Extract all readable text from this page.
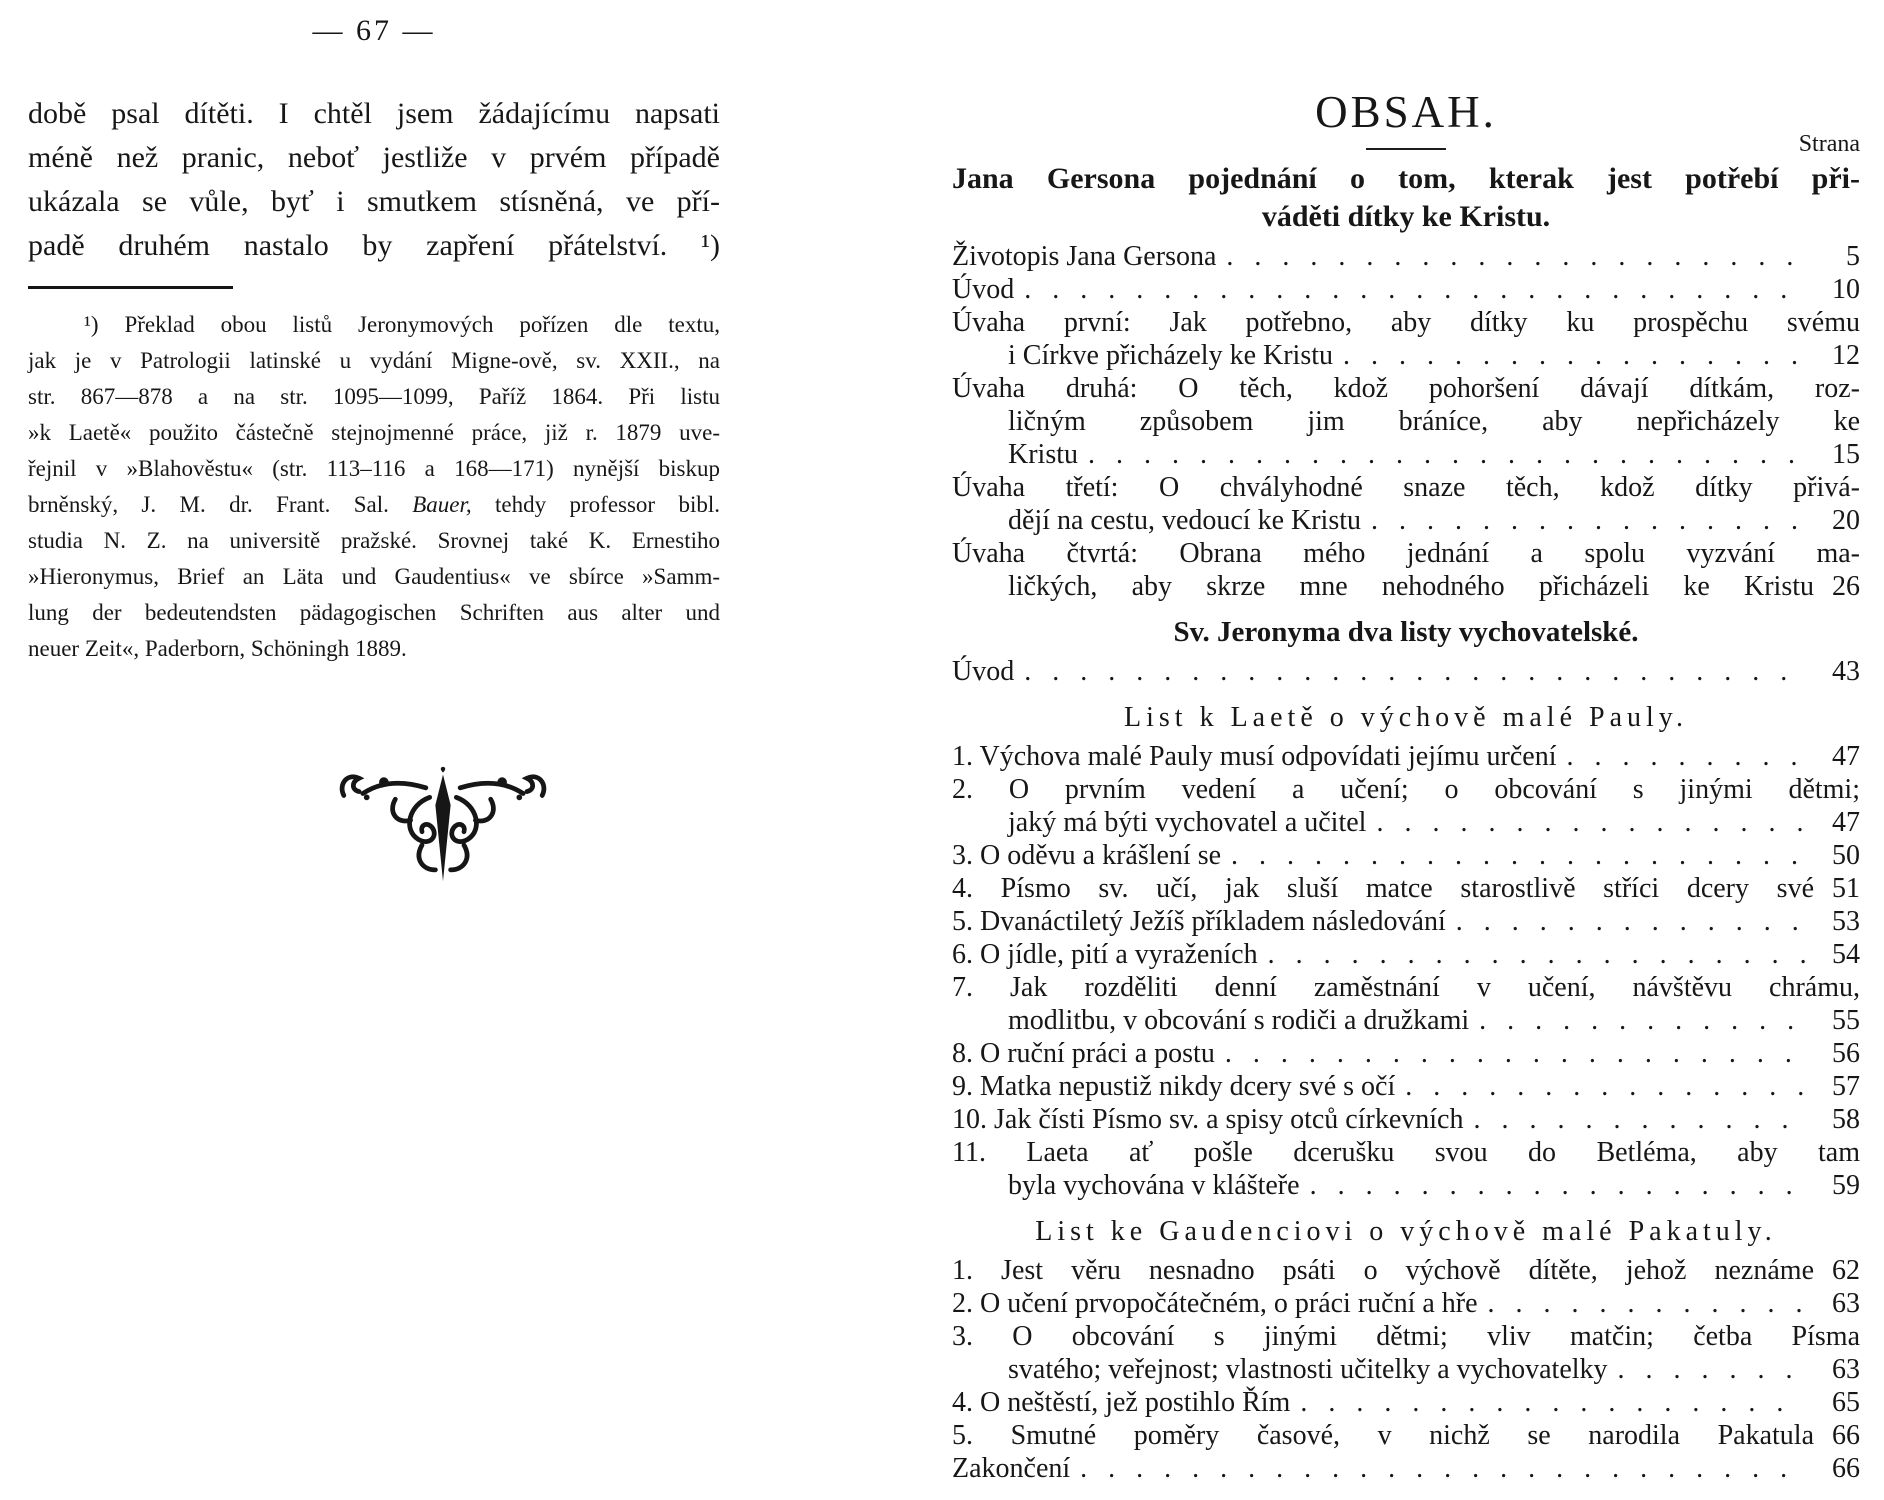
— 67 —
době psal dítěti. I chtěl jsem žádajícímu napsati
méně než pranic, neboť jestliže v prvém případě
ukázala se vůle, byť i smutkem stísněná, ve pří-
padě druhém nastalo by zapření přátelství. ¹)
¹) Překlad obou listů Jeronymových pořízen dle textu,
jak je v Patrologii latinské u vydání Migne-ově, sv. XXII., na
str. 867—878 a na str. 1095—1099, Paříž 1864. Při listu
»k Laetě« použito částečně stejnojmenné práce, již r. 1879 uve-
řejnil v »Blahověstu« (str. 113–116 a 168—171) nynější biskup
brněnský, J. M. dr. Frant. Sal. Bauer, tehdy professor bibl.
studia N. Z. na universitě pražské. Srovnej také K. Ernestiho
»Hieronymus, Brief an Läta und Gaudentius« ve sbírce »Samm-
lung der bedeutendsten pädagogischen Schriften aus alter und
neuer Zeit«, Paderborn, Schöningh 1889.
OBSAH.
Strana
Jana Gersona pojednání o tom, kterak jest potřebí při-
váděti dítky ke Kristu.
Životopis Jana Gersona . . .	5
Úvod . . .	10
Úvaha první: Jak potřebno, aby dítky ku prospěchu svému
i Církve přicházely ke Kristu . . .	12
Úvaha druhá: O těch, kdož pohoršení dávají dítkám, roz-
ličným způsobem jim bráníce, aby nepřicházely ke
Kristu . . .	15
Úvaha třetí: O chvályhodné snaze těch, kdož dítky přivá-
dějí na cestu, vedoucí ke Kristu . . .	20
Úvaha čtvrtá: Obrana mého jednání a spolu vyzvání ma-
ličkých, aby skrze mne nehodného přicházeli ke Kristu 26
Sv. Jeronyma dva listy vychovatelské.
Úvod . . .	43
List k Laetě o výchově malé Pauly.
1. Výchova malé Pauly musí odpovídati jejímu určení . . .	47
2. O prvním vedení a učení; o obcování s jinými dětmi;
jaký má býti vychovatel a učitel . . .	47
3. O oděvu a krášlení se . . .	50
4. Písmo sv. učí, jak sluší matce starostlivě stříci dcery své 51
5. Dvanáctiletý Ježíš příkladem následování . . .	53
6. O jídle, pití a vyraženích . . .	54
7. Jak rozděliti denní zaměstnání v učení, návštěvu chrámu,
modlitbu, v obcování s rodiči a družkami . . .	55
8. O ruční práci a postu . . .	56
9. Matka nepustiž nikdy dcery své s očí . . .	57
10. Jak čísti Písmo sv. a spisy otců církevních . . .	58
11. Laeta ať pošle dcerušku svou do Betléma, aby tam
byla vychována v klášteře . . .	59
List ke Gaudenciovi o výchově malé Pakatuly.
1. Jest věru nesnadno psáti o výchově dítěte, jehož neznáme 62
2. O učení prvopočátečném, o práci ruční a hře . . .	63
3. O obcování s jinými dětmi; vliv matčin; četba Písma
svatého; veřejnost; vlastnosti učitelky a vychovatelky . . .	63
4. O neštěstí, jež postihlo Řím . . .	65
5. Smutné poměry časové, v nichž se narodila Pakatula 66
Zakončení . . .	66
